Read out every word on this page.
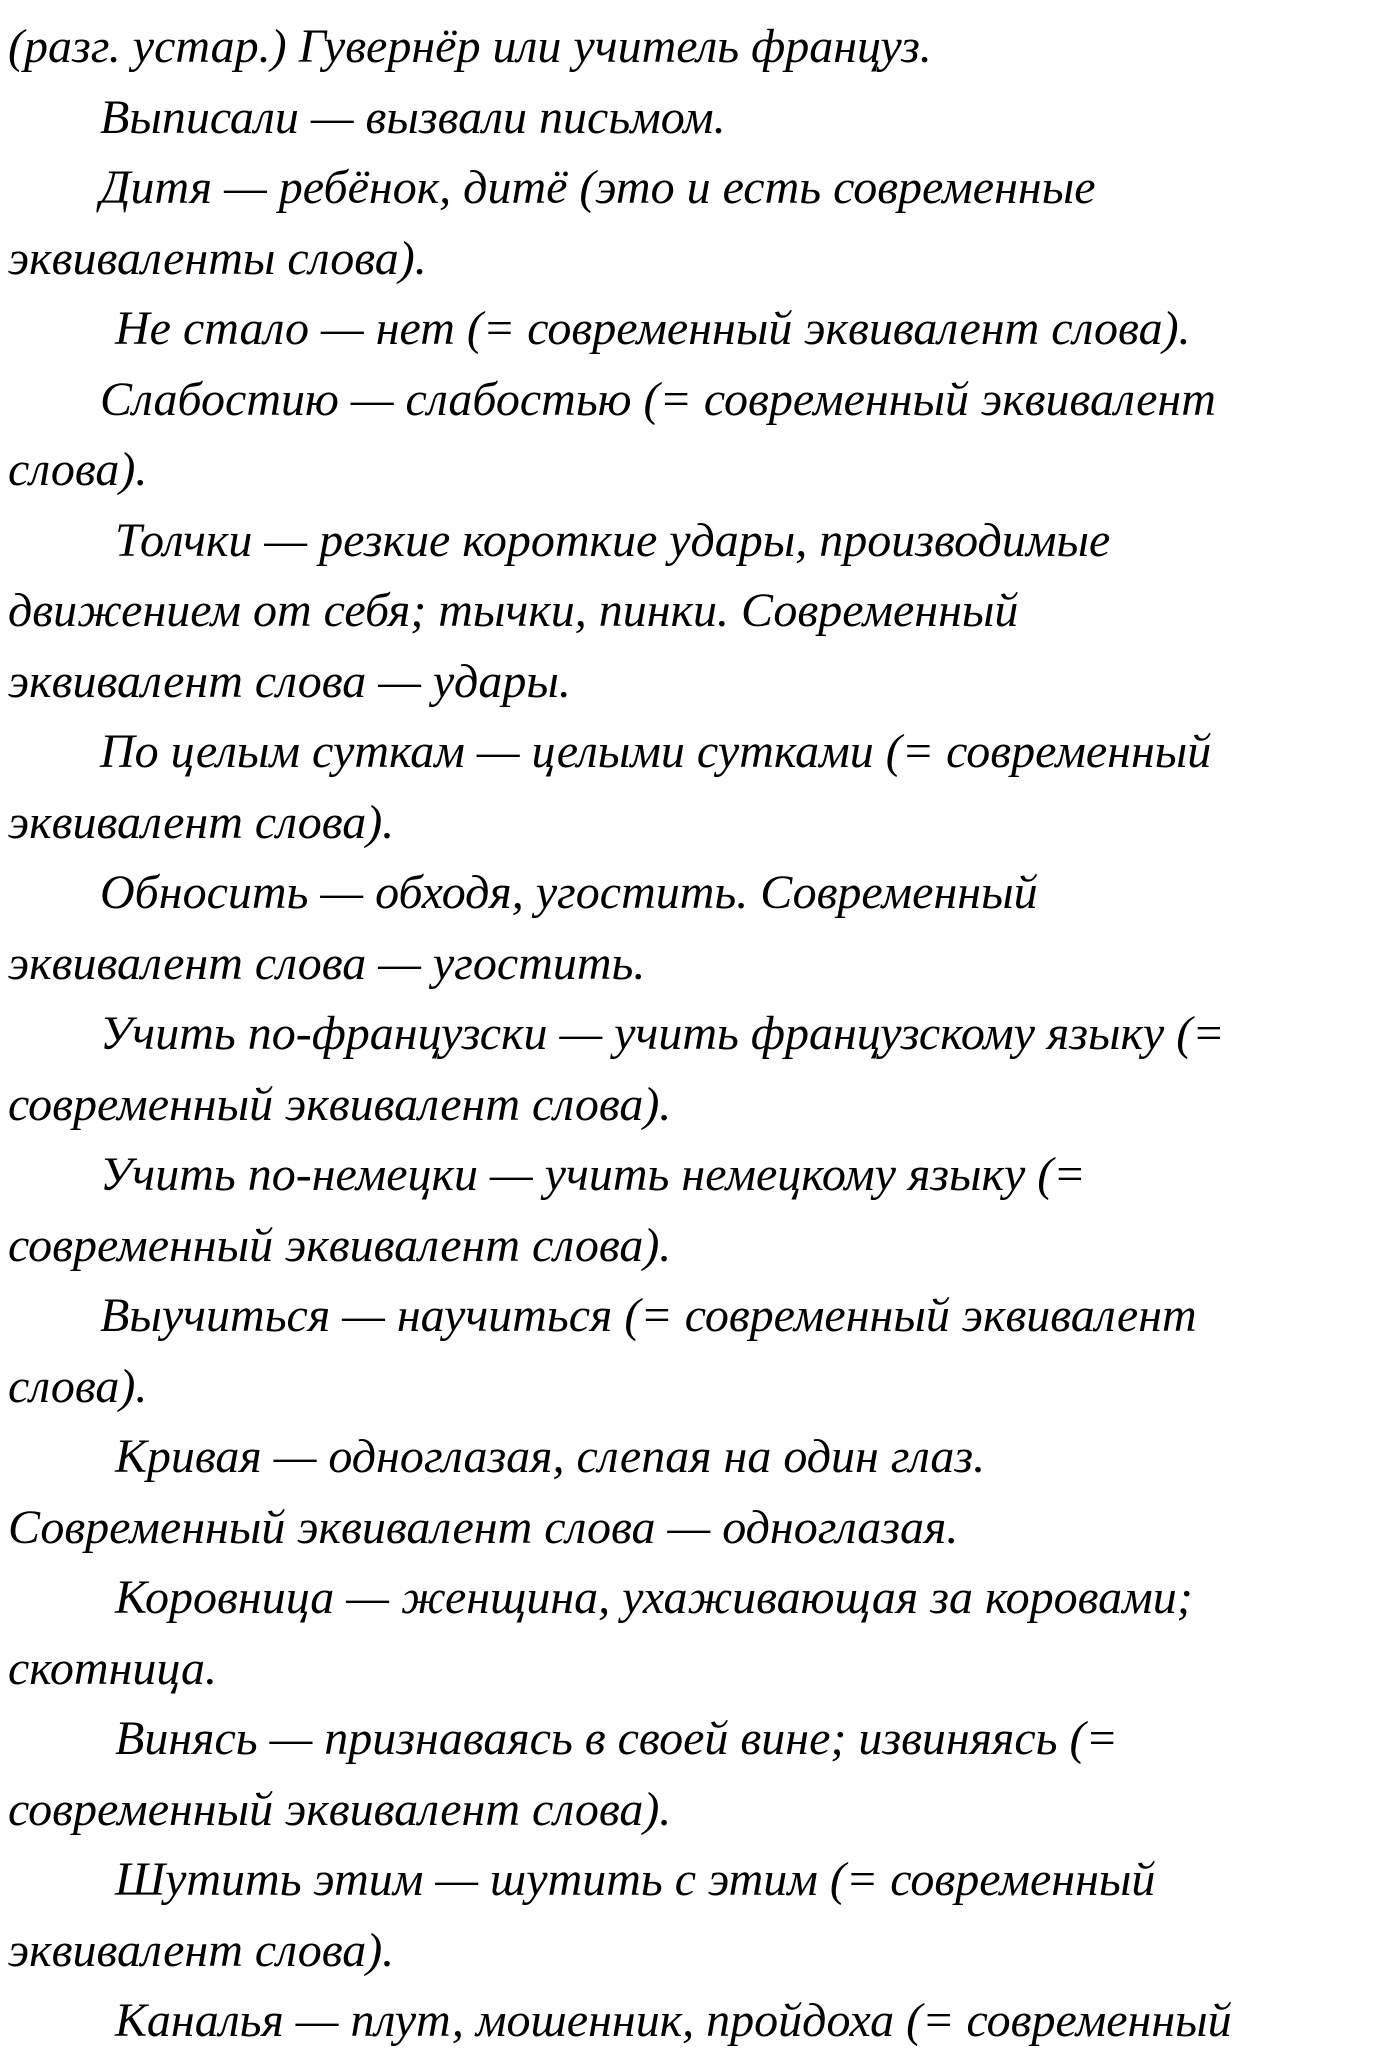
(разг. устар.) Гувернёр или учитель француз.
Выписали — вызвали письмом.
Дитя — ребёнок, дитё (это и есть современные
эквиваленты слова).
Не стало — нет (= современный эквивалент слова).
Слабостию — слабостью (= современный эквивалент
слова).
Толчки — резкие короткие удары, производимые
движением от себя; тычки, пинки. Современный
эквивалент слова — удары.
По целым суткам — целыми сутками (= современный
эквивалент слова).
Обносить — обходя, угостить. Современный
эквивалент слова — угостить.
Учить по-французски — учить французскому языку (=
современный эквивалент слова).
Учить по-немецки — учить немецкому языку (=
современный эквивалент слова).
Выучиться — научиться (= современный эквивалент
слова).
Кривая — одноглазая, слепая на один глаз.
Современный эквивалент слова — одноглазая.
Коровница — женщина, ухаживающая за коровами;
скотница.
Винясь — признаваясь в своей вине; извиняясь (=
современный эквивалент слова).
Шутить этим — шутить с этим (= современный
эквивалент слова).
Каналья — плут, мошенник, пройдоха (= современный
